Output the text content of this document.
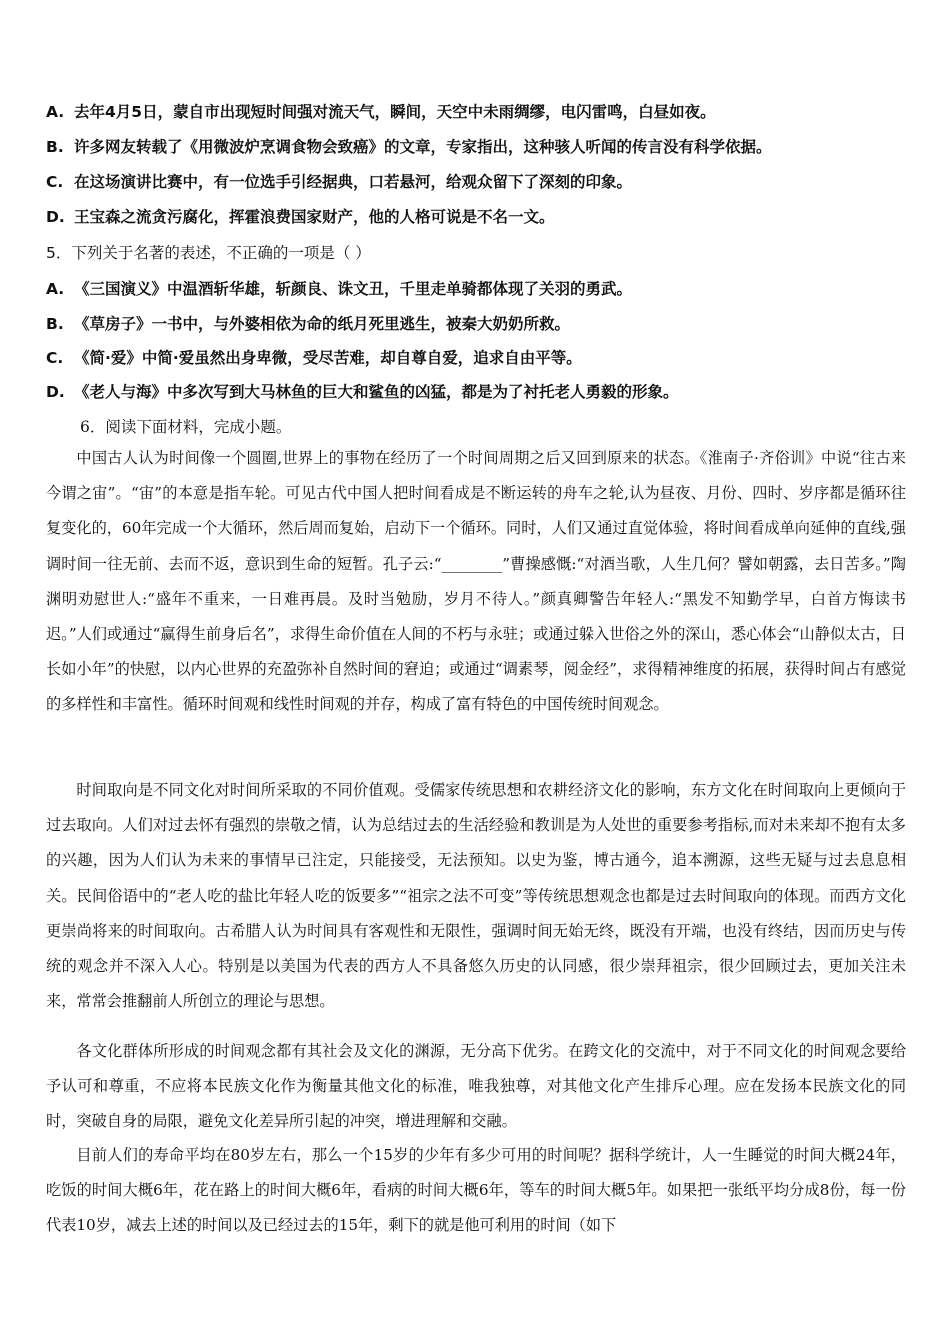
A. 去年4月5日，蒙自市出现短时间强对流天气，瞬间，天空中未雨绸缪，电闪雷鸣，白昼如夜。
B. 许多网友转载了《用微波炉烹调食物会致癌》的文章，专家指出，这种骇人听闻的传言没有科学依据。
C. 在这场演讲比赛中，有一位选手引经据典，口若悬河，给观众留下了深刻的印象。
D. 王宝森之流贪污腐化，挥霍浪费国家财产，他的人格可说是不名一文。
5．下列关于名著的表述，不正确的一项是（ ）
A. 《三国演义》中温酒斩华雄，斩颜良、诛文丑，千里走单骑都体现了关羽的勇武。
B. 《草房子》一书中，与外婆相依为命的纸月死里逃生，被秦大奶奶所救。
C. 《简·爱》中简·爱虽然出身卑微，受尽苦难，却自尊自爱，追求自由平等。
D. 《老人与海》中多次写到大马林鱼的巨大和鲨鱼的凶猛，都是为了衬托老人勇毅的形象。
6．阅读下面材料，完成小题。

中国古人认为时间像一个圆圈,世界上的事物在经历了一个时间周期之后又回到原来的状态。《淮南子·齐俗训》中说“往古来今谓之宙”。“宙”的本意是指车轮。可见古代中国人把时间看成是不断运转的舟车之轮,认为昼夜、月份、四时、岁序都是循环往复变化的，60年完成一个大循环，然后周而复始，启动下一个循环。同时，人们又通过直觉体验，将时间看成单向延伸的直线,强调时间一往无前、去而不返，意识到生命的短暂。孔子云:“________”曹操感慨:“对酒当歌，人生几何？譬如朝露，去日苦多。”陶渊明劝慰世人:“盛年不重来，一日难再晨。及时当勉励，岁月不待人。”颜真卿警告年轻人:“黑发不知勤学早，白首方悔读书迟。”人们或通过“赢得生前身后名”，求得生命价值在人间的不朽与永驻；或通过躲入世俗之外的深山，悉心体会“山静似太古，日长如小年”的快慰，以内心世界的充盈弥补自然时间的窘迫；或通过“调素琴，阅金经”，求得精神维度的拓展，获得时间占有感觉的多样性和丰富性。循环时间观和线性时间观的并存，构成了富有特色的中国传统时间观念。

时间取向是不同文化对时间所采取的不同价值观。受儒家传统思想和农耕经济文化的影响，东方文化在时间取向上更倾向于过去取向。人们对过去怀有强烈的崇敬之情，认为总结过去的生活经验和教训是为人处世的重要参考指标,而对未来却不抱有太多的兴趣，因为人们认为未来的事情早已注定，只能接受，无法预知。以史为鉴，博古通今，追本溯源，这些无疑与过去息息相关。民间俗语中的“老人吃的盐比年轻人吃的饭要多”“祖宗之法不可变”等传统思想观念也都是过去时间取向的体现。而西方文化更崇尚将来的时间取向。古希腊人认为时间具有客观性和无限性，强调时间无始无终，既没有开端，也没有终结，因而历史与传统的观念并不深入人心。特别是以美国为代表的西方人不具备悠久历史的认同感，很少崇拜祖宗，很少回顾过去，更加关注未来，常常会推翻前人所创立的理论与思想。

各文化群体所形成的时间观念都有其社会及文化的渊源，无分高下优劣。在跨文化的交流中，对于不同文化的时间观念要给予认可和尊重，不应将本民族文化作为衡量其他文化的标准，唯我独尊，对其他文化产生排斥心理。应在发扬本民族文化的同时，突破自身的局限，避免文化差异所引起的冲突，增进理解和交融。

目前人们的寿命平均在80岁左右，那么一个15岁的少年有多少可用的时间呢？据科学统计，人一生睡觉的时间大概24年，吃饭的时间大概6年，花在路上的时间大概6年，看病的时间大概6年，等车的时间大概5年。如果把一张纸平均分成8份，每一份代表10岁，减去上述的时间以及已经过去的15年，剩下的就是他可利用的时间（如下
